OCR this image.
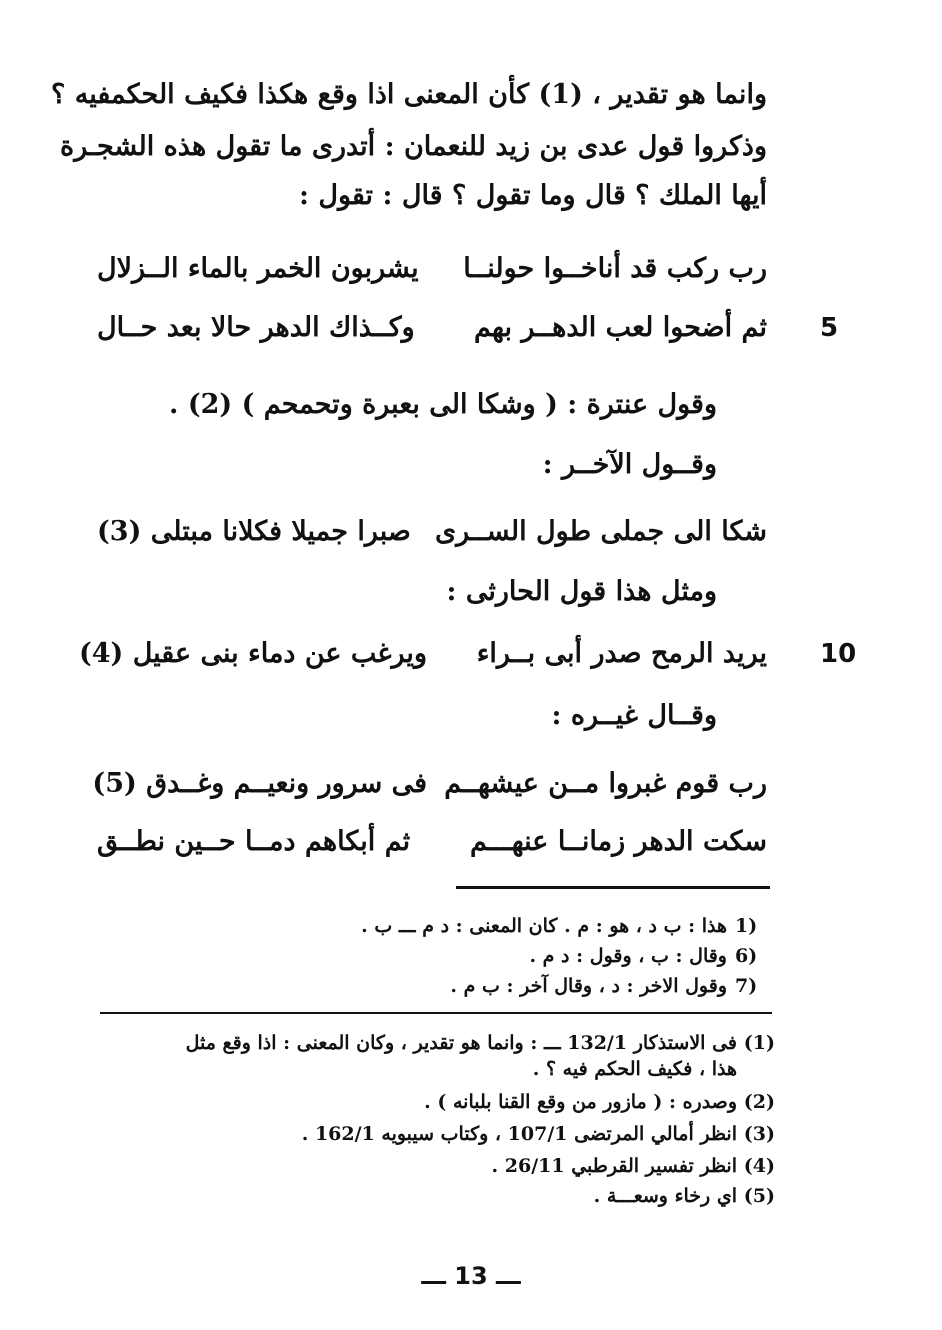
وانما هو تقدير ، (1) كأن المعنى اذا وقع هكذا فكيف الحكمفيه ؟
وذكروا قول عدى بن زيد للنعمان : أتدرى ما تقول هذه الشجـرة
أيها الملك ؟ قال وما تقول ؟ قال : تقول :
رب ركب قد أناخــوا حولنــا
يشربون الخمر بالماء الــزلال
5
ثم أضحوا لعب الدهــر بهم
وكــذاك الدهر حالا بعد حــال
وقول عنترة : ( وشكا الى بعبرة وتحمحم ) (2) .
وقــول الآخــر :
شكا الى جملى طول الســرى
صبرا جميلا فكلانا مبتلى (3)
ومثل هذا قول الحارثى :
10
يريد الرمح صدر أبى بــراء
ويرغب عن دماء بنى عقيل (4)
وقــال غيــره :
رب قوم غبروا مــن عيشهــم
فى سرور ونعيــم وغــدق (5)
سكت الدهر زمانــا عنهـــم
ثم أبكاهم دمــا حــين نطــق
1)
هذا : ب د ، هو : م . كان المعنى : د م ـــ ب .
6)
وقال : ب ، وقول : د م .
7)
وقول الاخر : د ، وقال آخر : ب م .
(1)
فى الاستذكار 132/1 ـــ : وانما هو تقدير ، وكان المعنى : اذا وقع مثل هذا ، فكيف الحكم فيه ؟ .
(2)
وصدره : ( مازور من وقع القنا بلبانه ) .
(3)
انظر أمالي المرتضى 107/1 ، وكتاب سيبويه 162/1 .
(4)
انظر تفسير القرطبي 26/11 .
(5)
اي رخاء وسعـــة .
ـــ 13 ـــ
